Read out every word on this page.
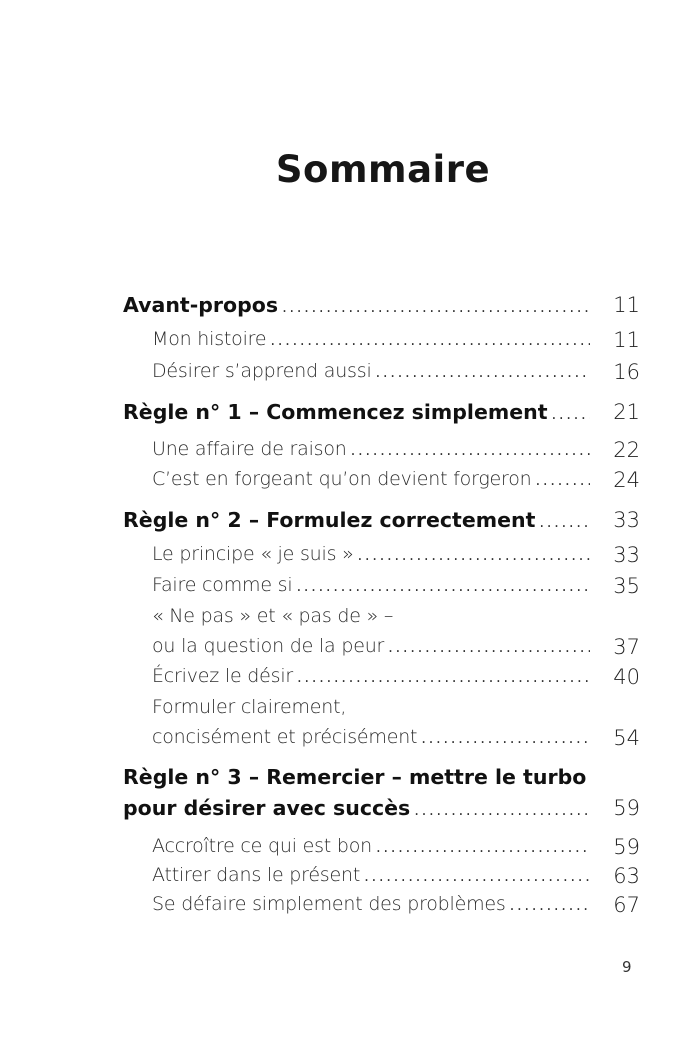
Sommaire
Avant-propos .....	11
Mon histoire .....	11
Désirer s’apprend aussi .....	16
Règle n° 1 – Commencez simplement .....	21
Une affaire de raison .....	22
C’est en forgeant qu’on devient forgeron .....	24
Règle n° 2 – Formulez correctement .....	33
Le principe « je suis » .....	33
Faire comme si .....	35
« Ne pas » et « pas de » –
ou la question de la peur .....	37
Écrivez le désir .....	40
Formuler clairement,
concisément et précisément .....	54
Règle n° 3 – Remercier – mettre le turbo
pour désirer avec succès .....	59
Accroître ce qui est bon .....	59
Attirer dans le présent .....	63
Se défaire simplement des problèmes .....	67
9
